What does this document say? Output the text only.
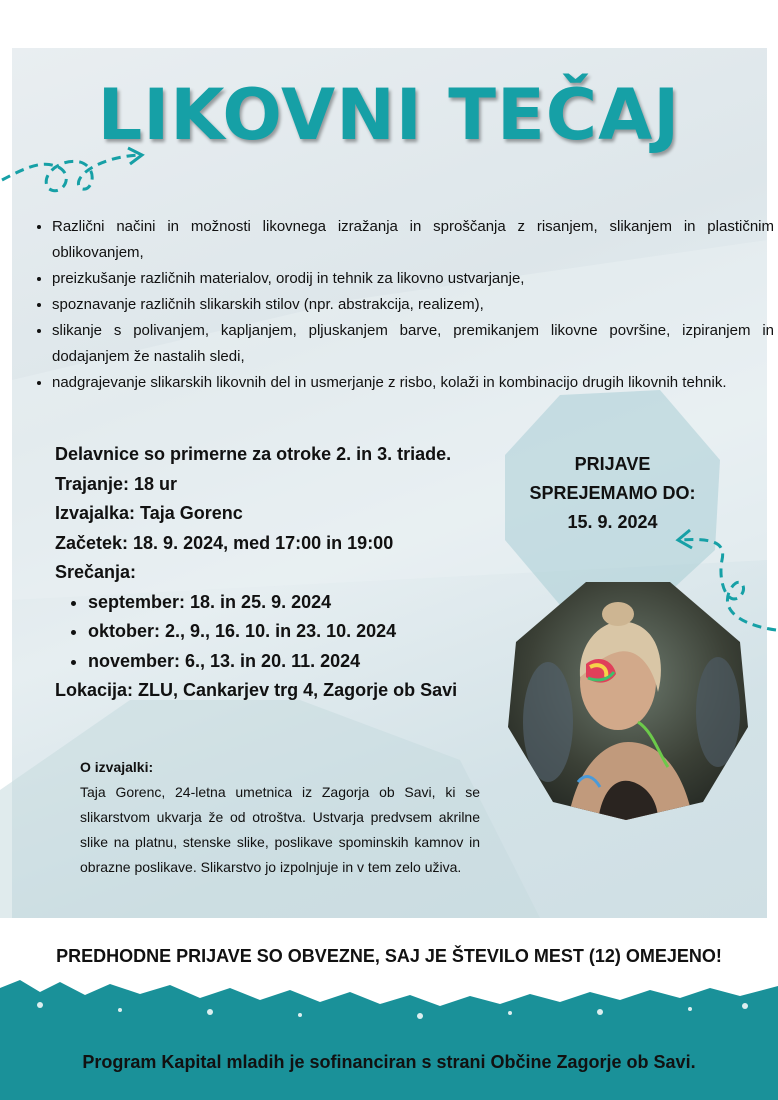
LIKOVNI TEČAJ
• Različni načini in možnosti likovnega izražanja in sproščanja z risanjem, slikanjem in plastičnim oblikovanjem,
• preizkušanje različnih materialov, orodij in tehnik za likovno ustvarjanje,
• spoznavanje različnih slikarskih stilov (npr. abstrakcija, realizem),
• slikanje s polivanjem, kapljanjem, pljuskanjem barve, premikanjem likovne površine, izpiranjem in dodajanjem že nastalih sledi,
• nadgrajevanje slikarskih likovnih del in usmerjanje z risbo, kolaži in kombinacijo drugih likovnih tehnik.

Delavnice so primerne za otroke 2. in 3. triade.

Trajanje: 18 ur

Izvajalka: Taja Gorenc

Začetek: 18. 9. 2024, med 17:00 in 19:00

Srečanja:

• september: 18. in 25. 9. 2024
• oktober: 2., 9., 16. 10. in 23. 10. 2024
• november: 6., 13. in 20. 11. 2024

Lokacija: ZLU, Cankarjev trg 4, Zagorje ob Savi

PRIJAVE
SPREJEMAMO DO:
15. 9. 2024
O izvajalki:
Taja Gorenc, 24-letna umetnica iz Zagorja ob Savi, ki se slikarstvom ukvarja že od otroštva. Ustvarja predvsem akrilne slike na platnu, stenske slike, poslikave spominskih kamnov in obrazne poslikave. Slikarstvo jo izpolnjuje in v tem zelo uživa.
PREDHODNE PRIJAVE SO OBVEZNE, SAJ JE ŠTEVILO MEST (12) OMEJENO!
Program Kapital mladih je sofinanciran s strani Občine Zagorje ob Savi.
